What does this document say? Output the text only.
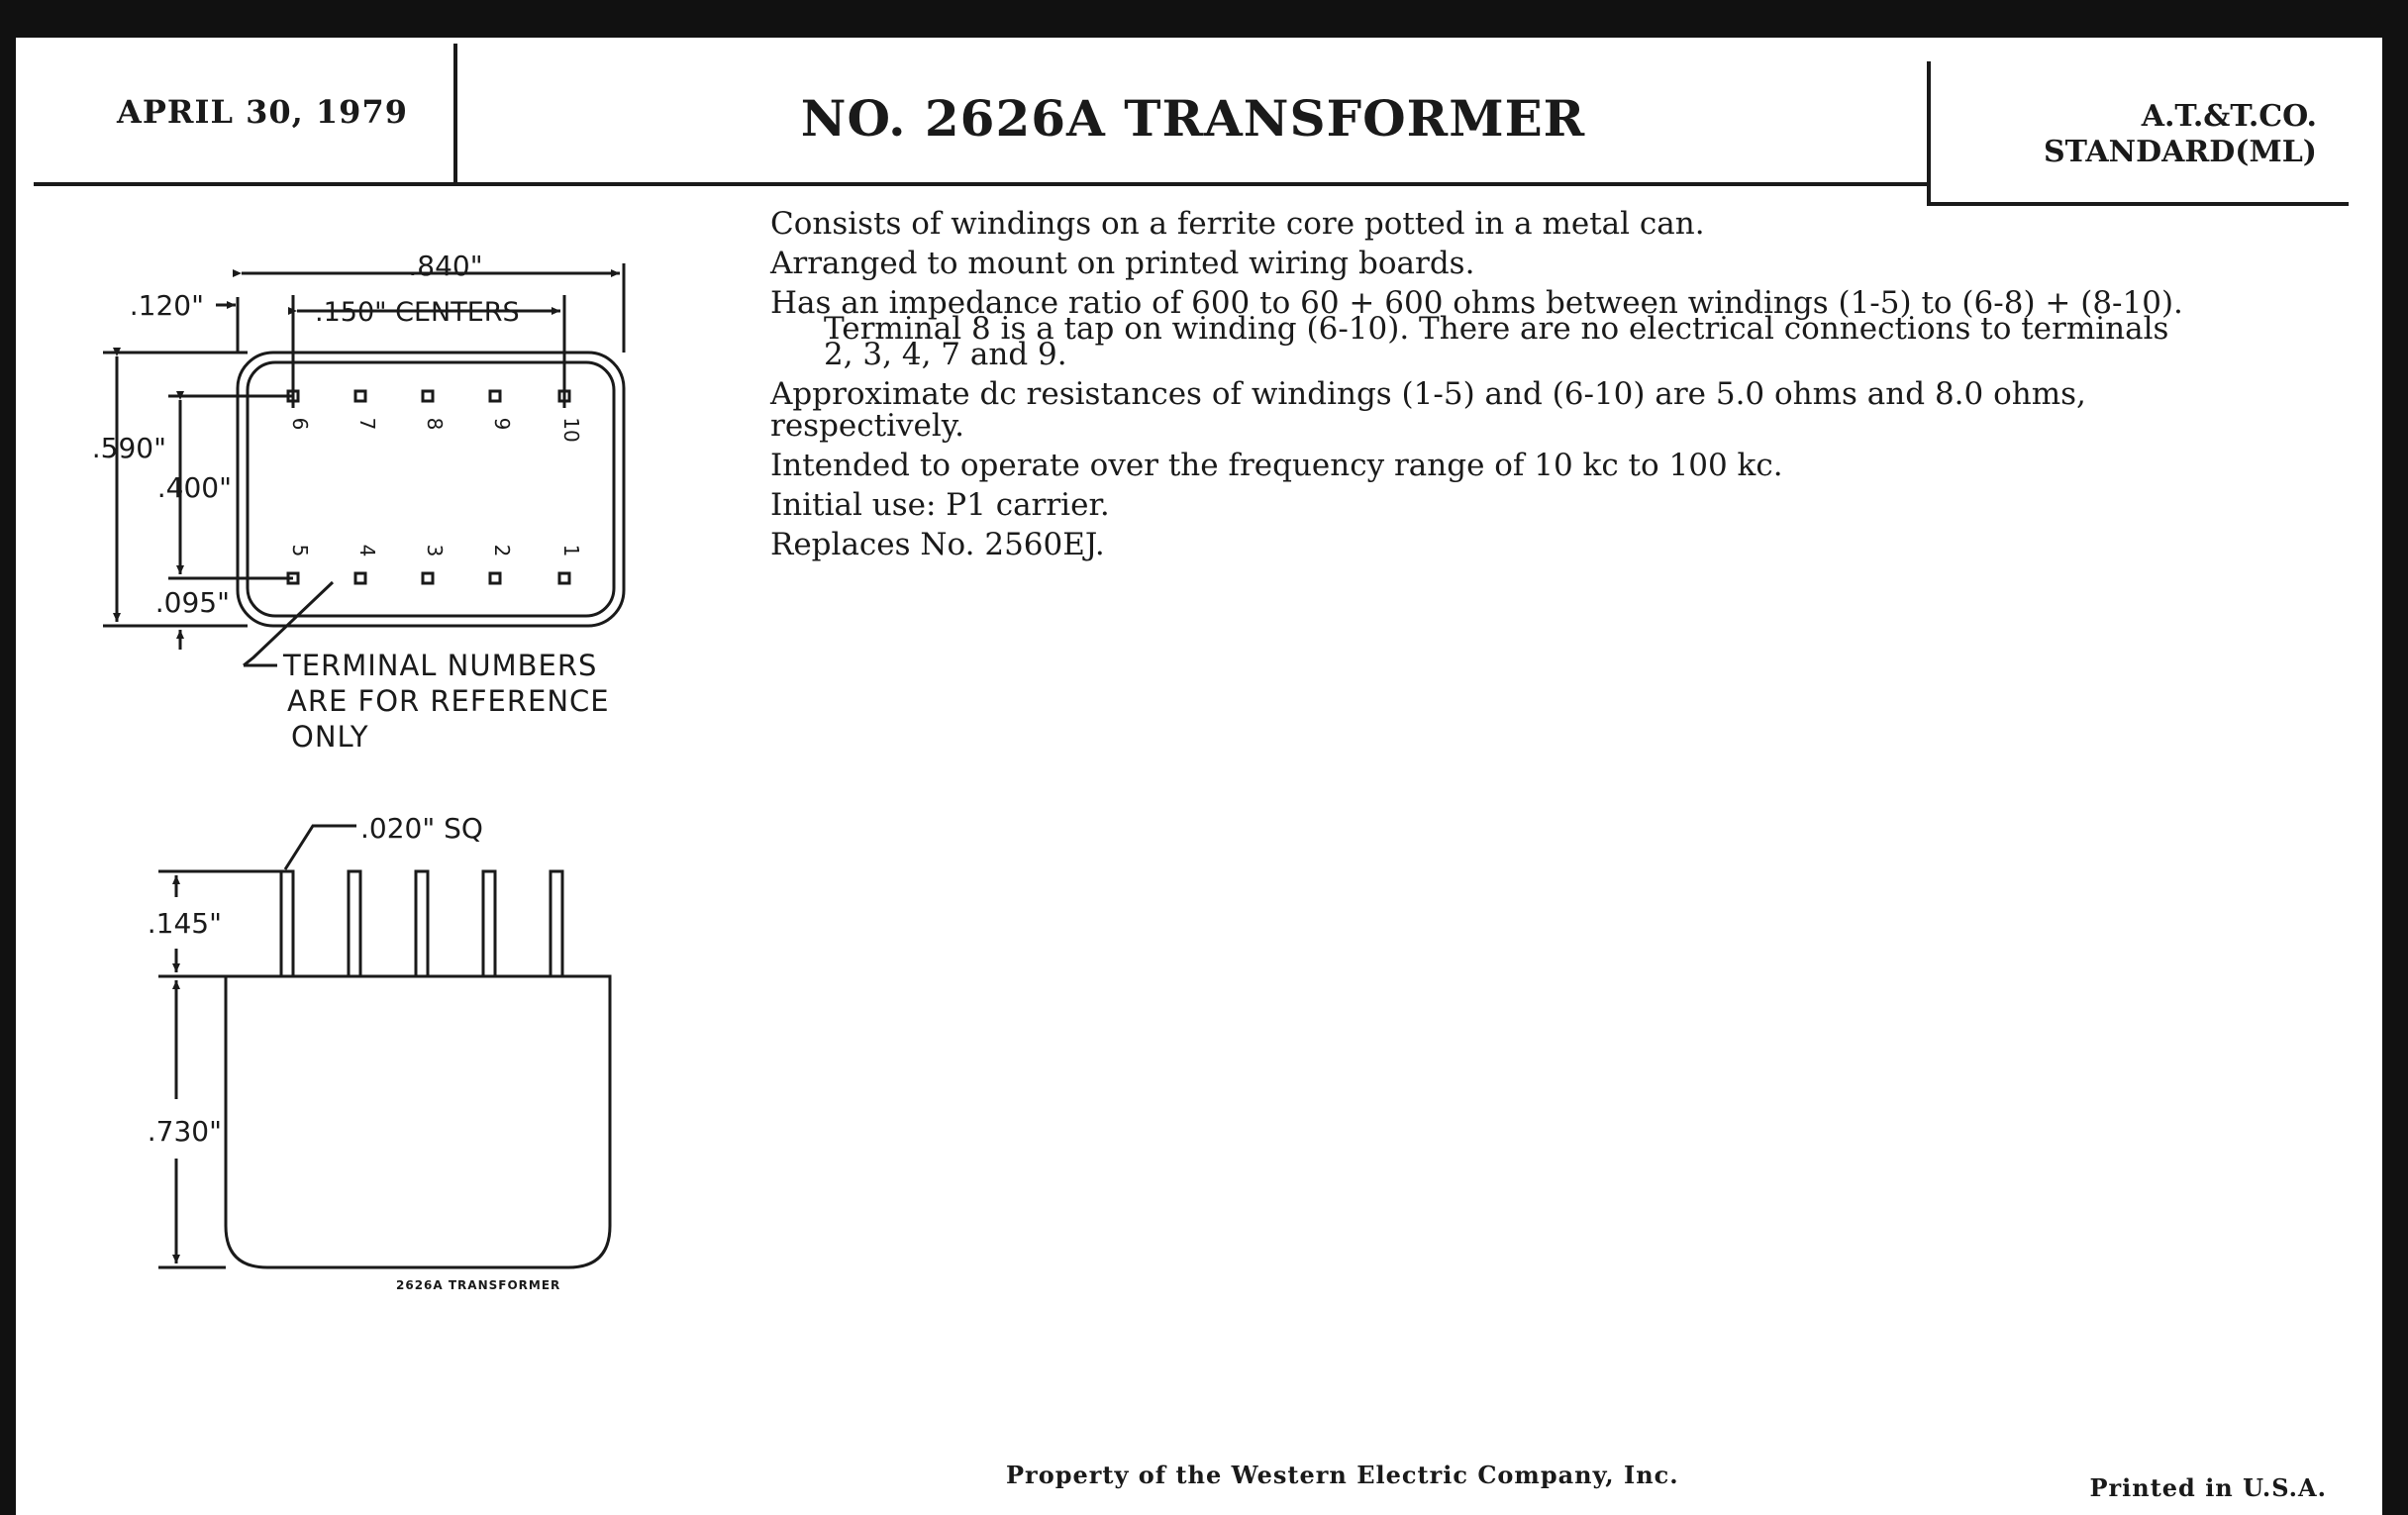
APRIL 30, 1979	NO. 2626A TRANSFORMER	A.T.&T.CO.
STANDARD(ML)
Consists of windings on a ferrite core potted in a metal can.
Arranged to mount on printed wiring boards.
Has an impedance ratio of 600 to 60 + 600 ohms between windings (1-5) to (6-8) + (8-10).
Terminal 8 is a tap on winding (6-10). There are no electrical connections to terminals
2, 3, 4, 7 and 9.
Approximate dc resistances of windings (1-5) and (6-10) are 5.0 ohms and 8.0 ohms, respectively.
Intended to operate over the frequency range of 10 kc to 100 kc.
Initial use: P1 carrier.
Replaces No. 2560EJ.
6 7 8 9 10
5 4 3 2 1
.840"
.120"	.150" CENTERS
.590"
.400"
.095"
TERMINAL NUMBERS
ARE FOR REFERENCE
ONLY
.020" SQ
.145"
.730"
2626A TRANSFORMER
Property of the Western Electric Company, Inc.	Printed in U.S.A.
